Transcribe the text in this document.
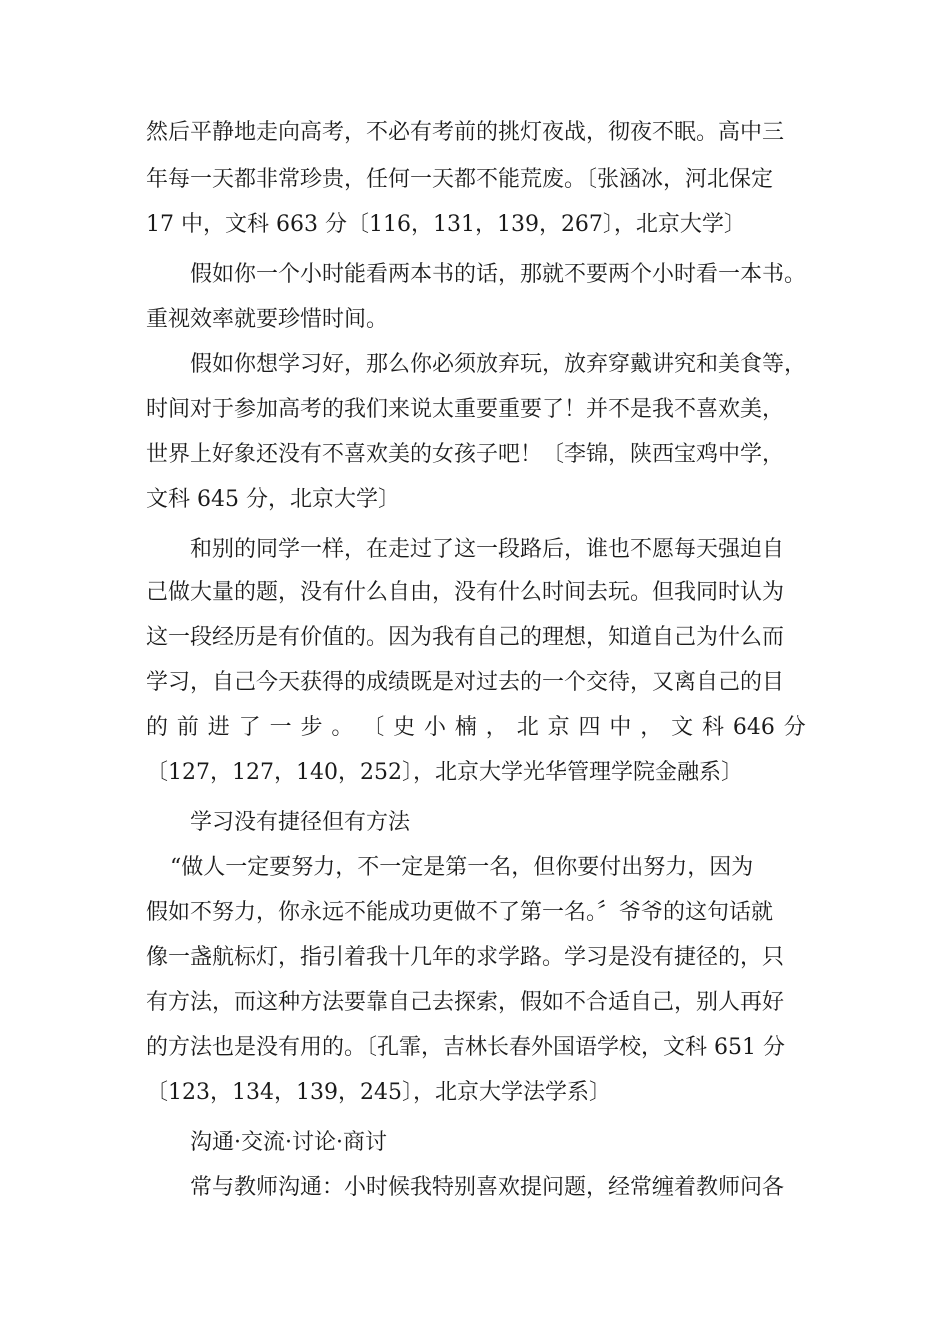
然后平静地走向高考，不必有考前的挑灯夜战，彻夜不眠。高中三
年每一天都非常珍贵，任何一天都不能荒废。〔张涵冰，河北保定
17 中，文科 663 分〔116，131，139，267〕，北京大学〕
假如你一个小时能看两本书的话，那就不要两个小时看一本书。
重视效率就要珍惜时间。
假如你想学习好，那么你必须放弃玩，放弃穿戴讲究和美食等，
时间对于参加高考的我们来说太重要重要了！并不是我不喜欢美，
世界上好象还没有不喜欢美的女孩子吧！〔李锦，陕西宝鸡中学，
文科 645 分，北京大学〕
和别的同学一样，在走过了这一段路后，谁也不愿每天强迫自
己做大量的题，没有什么自由，没有什么时间去玩。但我同时认为
这一段经历是有价值的。因为我有自己的理想，知道自己为什么而
学习，自己今天获得的成绩既是对过去的一个交待，又离自己的目
的 前 进 了 一 步 。 〔 史 小 楠 ， 北 京 四 中 ， 文 科 646 分
〔127，127，140，252〕，北京大学光华管理学院金融系〕
学习没有捷径但有方法
“做人一定要努力，不一定是第一名，但你要付出努力，因为
假如不努力，你永远不能成功更做不了第一名。〞爷爷的这句话就
像一盏航标灯，指引着我十几年的求学路。学习是没有捷径的，只
有方法，而这种方法要靠自己去探索，假如不合适自己，别人再好
的方法也是没有用的。〔孔霏，吉林长春外国语学校，文科 651 分
〔123，134，139，245〕，北京大学法学系〕
沟通·交流·讨论·商讨
常与教师沟通：小时候我特别喜欢提问题，经常缠着教师问各
